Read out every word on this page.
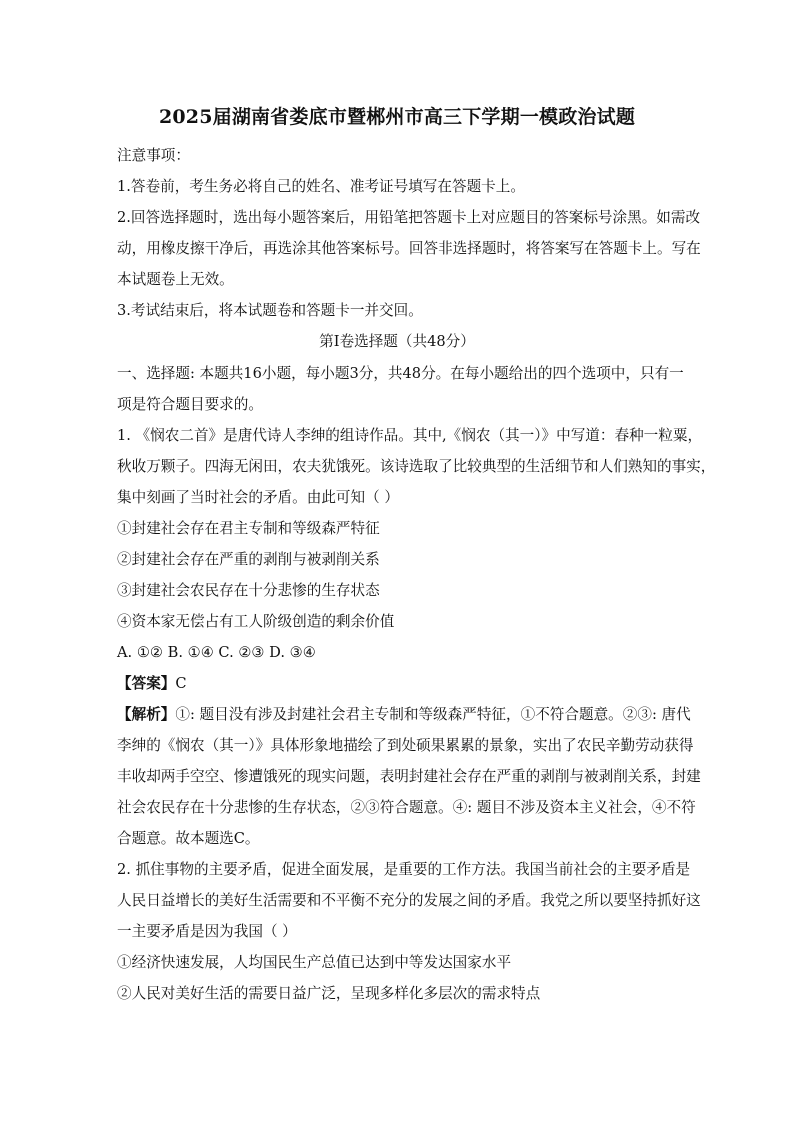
2025届湖南省娄底市暨郴州市高三下学期一模政治试题
注意事项：
1.答卷前，考生务必将自己的姓名、准考证号填写在答题卡上。
2.回答选择题时，选出每小题答案后，用铅笔把答题卡上对应题目的答案标号涂黑。如需改
动，用橡皮擦干净后，再选涂其他答案标号。回答非选择题时，将答案写在答题卡上。写在
本试题卷上无效。
3.考试结束后，将本试题卷和答题卡一并交回。
第I卷选择题（共48分）
一、选择题: 本题共16小题，每小题3分，共48分。在每小题给出的四个选项中，只有一
项是符合题目要求的。
1. 《悯农二首》是唐代诗人李绅的组诗作品。其中,《悯农（其一）》中写道：春种一粒粟，
秋收万颗子。四海无闲田，农夫犹饿死。该诗选取了比较典型的生活细节和人们熟知的事实，
集中刻画了当时社会的矛盾。由此可知（ ）
①封建社会存在君主专制和等级森严特征
②封建社会存在严重的剥削与被剥削关系
③封建社会农民存在十分悲惨的生存状态
④资本家无偿占有工人阶级创造的剩余价值
A. ①② B. ①④ C. ②③ D. ③④
【答案】C
【解析】①: 题目没有涉及封建社会君主专制和等级森严特征，①不符合题意。②③: 唐代
李绅的《悯农（其一）》具体形象地描绘了到处硕果累累的景象，实出了农民辛勤劳动获得
丰收却两手空空、惨遭饿死的现实问题，表明封建社会存在严重的剥削与被剥削关系，封建
社会农民存在十分悲惨的生存状态，②③符合题意。④: 题目不涉及资本主义社会，④不符
合题意。故本题选C。
2. 抓住事物的主要矛盾，促进全面发展，是重要的工作方法。我国当前社会的主要矛盾是
人民日益增长的美好生活需要和不平衡不充分的发展之间的矛盾。我党之所以要坚持抓好这
一主要矛盾是因为我国（ ）
①经济快速发展，人均国民生产总值已达到中等发达国家水平
②人民对美好生活的需要日益广泛，呈现多样化多层次的需求特点
